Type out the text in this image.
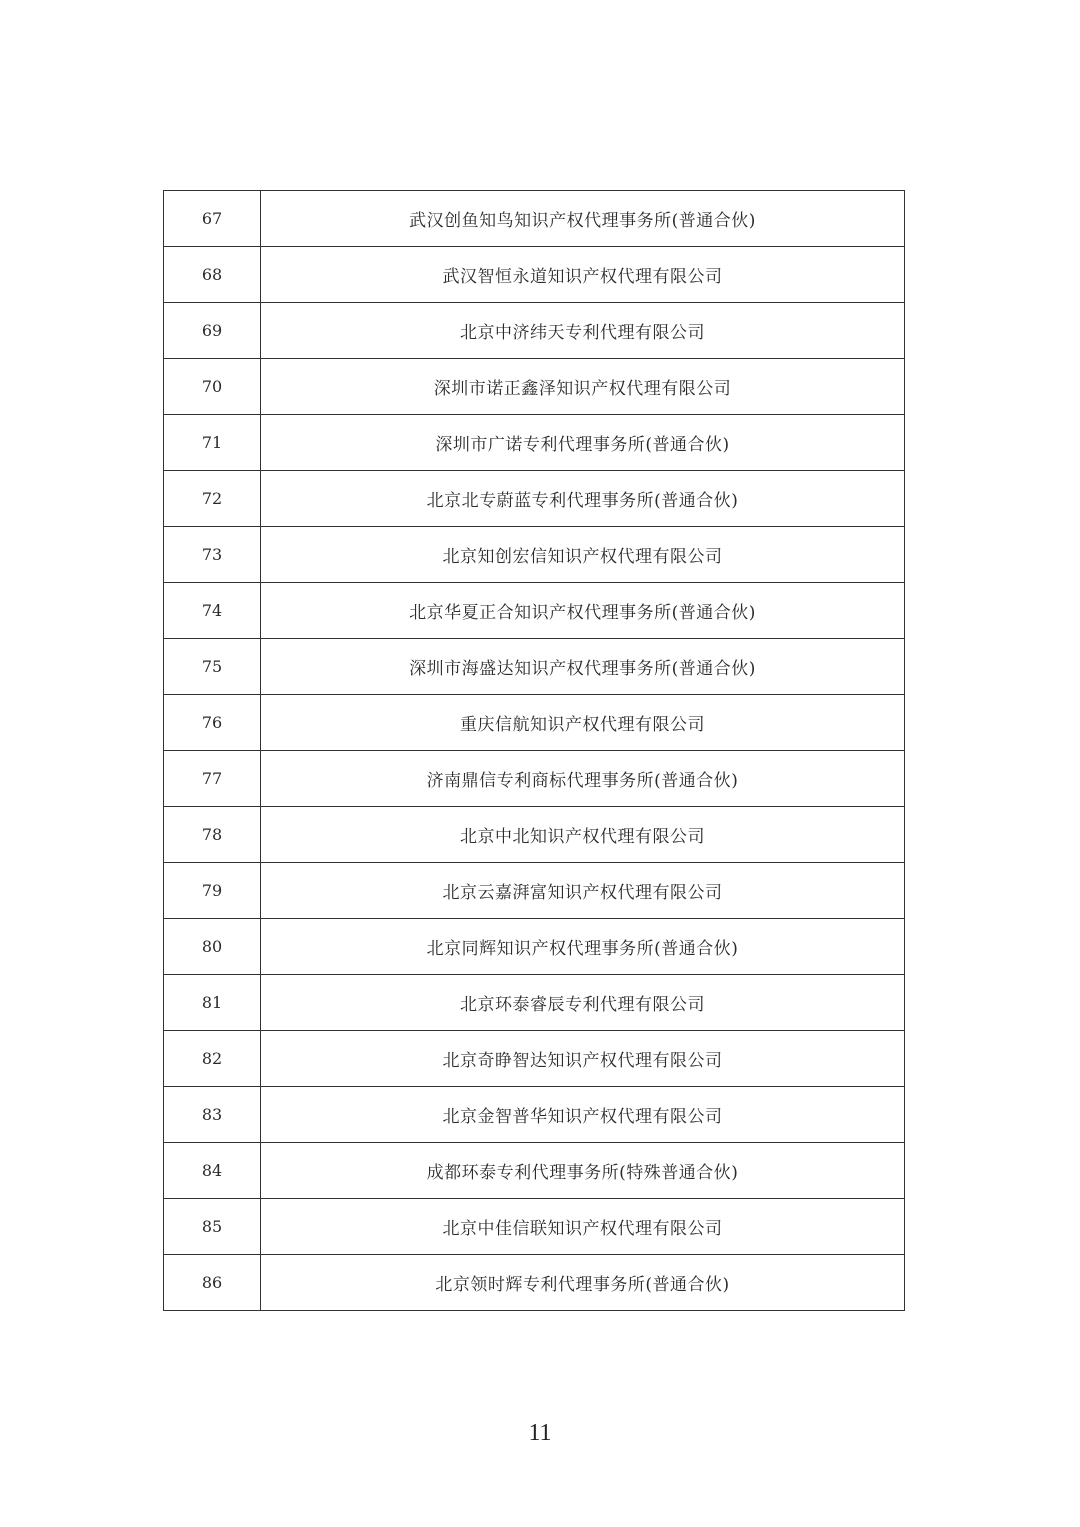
67	武汉创鱼知鸟知识产权代理事务所(普通合伙)
68	武汉智恒永道知识产权代理有限公司
69	北京中济纬天专利代理有限公司
70	深圳市诺正鑫泽知识产权代理有限公司
71	深圳市广诺专利代理事务所(普通合伙)
72	北京北专蔚蓝专利代理事务所(普通合伙)
73	北京知创宏信知识产权代理有限公司
74	北京华夏正合知识产权代理事务所(普通合伙)
75	深圳市海盛达知识产权代理事务所(普通合伙)
76	重庆信航知识产权代理有限公司
77	济南鼎信专利商标代理事务所(普通合伙)
78	北京中北知识产权代理有限公司
79	北京云嘉湃富知识产权代理有限公司
80	北京同辉知识产权代理事务所(普通合伙)
81	北京环泰睿辰专利代理有限公司
82	北京奇睁智达知识产权代理有限公司
83	北京金智普华知识产权代理有限公司
84	成都环泰专利代理事务所(特殊普通合伙)
85	北京中佳信联知识产权代理有限公司
86	北京领时辉专利代理事务所(普通合伙)
11
